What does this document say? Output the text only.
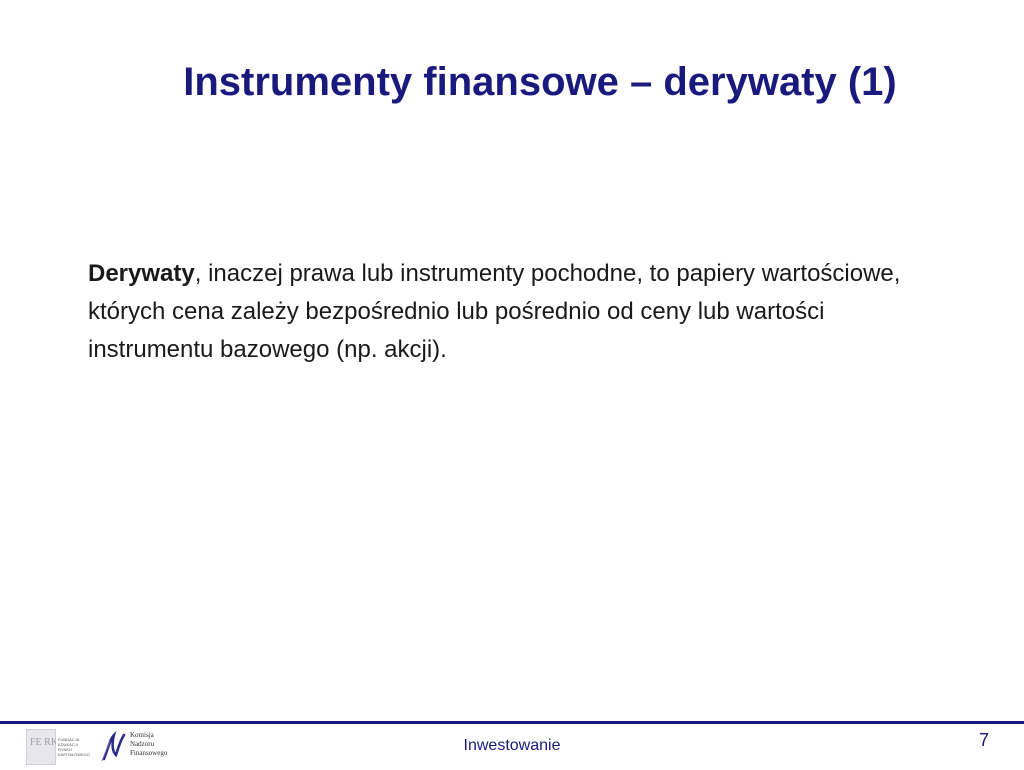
Instrumenty finansowe – derywaty (1)
Derywaty, inaczej prawa lub instrumenty pochodne, to papiery wartościowe, których cena zależy bezpośrednio lub pośrednio od ceny lub wartości instrumentu bazowego (np. akcji).
FE RK FUNDACJA EDUKACJI RYNKU KAPITAŁOWEGO
Komisja
Nadzoru
Finansowego	Inwestowanie	7
